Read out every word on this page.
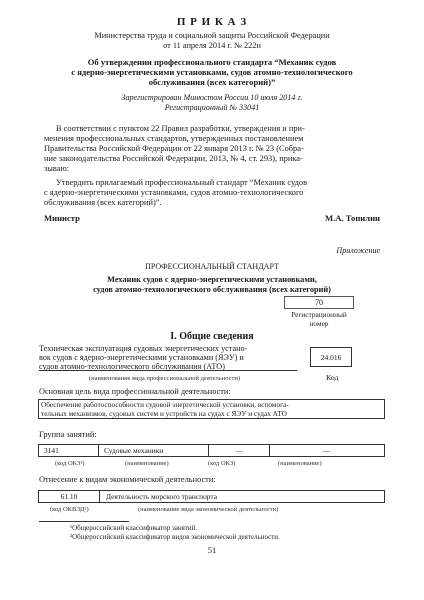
П Р И К А З
Министерства труда и социальной защиты Российской Федерации
от 11 апреля 2014 г. № 222н
Об утверждении профессионального стандарта “Механик судов
с ядерно-энергетическими установками, судов атомно-технологического
обслуживания (всех категорий)”
Зарегистрирован Минюстом России 10 июля 2014 г.
Регистрационный № 33041
В соответствии с пунктом 22 Правил разработки, утверждения и при-
менения профессиональных стандартов, утвержденных постановлением
Правительства Российской Федерации от 22 января 2013 г. № 23 (Собра-
ние законодательства Российской Федерации, 2013, № 4, ст. 293), прика-
зываю:
Утвердить прилагаемый профессиональный стандарт “Механик судов
с ядерно-энергетическими установками, судов атомно-технологического
обслуживания (всех категорий)”.
Министр	М.А. Топилин
Приложение
ПРОФЕССИОНАЛЬНЫЙ СТАНДАРТ
Механик судов с ядерно-энергетическими установками,
судов атомно-технологического обслуживания (всех категорий)
70
Регистрационный
номер
I. Общие сведения
Техническая эксплуатация судовых энергетических устано-
вок судов с ядерно-энергетическими установками (ЯЭУ) и
судов атомно-технологического обслуживания (АТО)
24.016
(наименование вида профессиональной деятельности)	Код
Основная цель вида профессиональной деятельности:
Обеспечение работоспособности судовой энергетической установки, вспомога-
тельных механизмов, судовых систем и устройств на судах с ЯЭУ и судах АТО
Группа занятий:
3141	Судовые механики	—	—
(код ОКЗ¹)	(наименование)	(код ОКЗ)	(наименование)
Отнесение к видам экономической деятельности:
61.10	Деятельность морского транспорта
(код ОКВЭД²)	(наименование вида экономической деятельности)
¹Общероссийский классификатор занятий.
²Общероссийский классификатор видов экономической деятельности.
51
